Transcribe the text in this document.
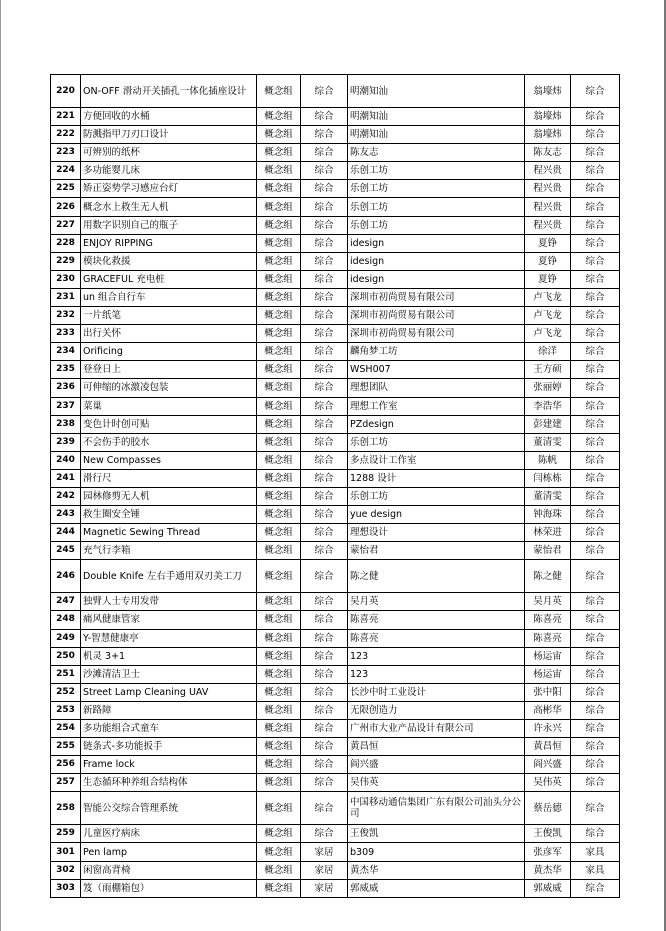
220	ON-OFF 滑动开关插孔一体化插座设计	概念组	综合	明潮知汕	翁壕炜	综合
221	方便回收的水桶	概念组	综合	明潮知汕	翁壕炜	综合
222	防溅指甲刀刃口设计	概念组	综合	明潮知汕	翁壕炜	综合
223	可辨别的纸杯	概念组	综合	陈友志	陈友志	综合
224	多功能婴儿床	概念组	综合	乐创工坊	程兴贵	综合
225	矫正姿势学习感应台灯	概念组	综合	乐创工坊	程兴贵	综合
226	概念水上救生无人机	概念组	综合	乐创工坊	程兴贵	综合
227	用数字识别自己的瓶子	概念组	综合	乐创工坊	程兴贵	综合
228	ENJOY RIPPING	概念组	综合	idesign	夏铮	综合
229	模块化救援	概念组	综合	idesign	夏铮	综合
230	GRACEFUL 充电桩	概念组	综合	idesign	夏铮	综合
231	un 组合自行车	概念组	综合	深圳市初尚贸易有限公司	卢飞龙	综合
232	一片纸笔	概念组	综合	深圳市初尚贸易有限公司	卢飞龙	综合
233	出行关怀	概念组	综合	深圳市初尚贸易有限公司	卢飞龙	综合
234	Orificing	概念组	综合	麟角梦工坊	徐洋	综合
235	登登日上	概念组	综合	WSH007	王方硕	综合
236	可伸缩的冰激凌包装	概念组	综合	理想团队	张丽婷	综合
237	菜巢	概念组	综合	理想工作室	李浩华	综合
238	变色计时创可贴	概念组	综合	PZdesign	彭建建	综合
239	不会伤手的胶水	概念组	综合	乐创工坊	董清雯	综合
240	New Compasses	概念组	综合	多点设计工作室	陈帆	综合
241	滑行尺	概念组	综合	1288 设计	闫栋栋	综合
242	园林修剪无人机	概念组	综合	乐创工坊	董清雯	综合
243	救生圈安全锤	概念组	综合	yue design	钟海珠	综合
244	Magnetic Sewing Thread	概念组	综合	理想设计	林荣进	综合
245	充气行李箱	概念组	综合	蒙怡君	蒙怡君	综合
246	Double Knife 左右手通用双刃美工刀	概念组	综合	陈之健	陈之健	综合
247	独臂人士专用发带	概念组	综合	吴月英	吴月英	综合
248	痛风健康管家	概念组	综合	陈喜亮	陈喜亮	综合
249	Y-智慧健康亭	概念组	综合	陈喜亮	陈喜亮	综合
250	机灵 3+1	概念组	综合	123	杨运宙	综合
251	沙滩清洁卫士	概念组	综合	123	杨运宙	综合
252	Street Lamp Cleaning UAV	概念组	综合	长沙中时工业设计	张中阳	综合
253	新路障	概念组	综合	无限创造力	高彬华	综合
254	多功能组合式童车	概念组	综合	广州市大业产品设计有限公司	许永兴	综合
255	链条式-多功能扳手	概念组	综合	黄昌恒	黄昌恒	综合
256	Frame lock	概念组	综合	阎兴盛	阎兴盛	综合
257	生态循环种养组合结构体	概念组	综合	吴伟英	吴伟英	综合
258	智能公交综合管理系统	概念组	综合	中国移动通信集团广东有限公司汕头分公司	蔡岳德	综合
259	儿童医疗病床	概念组	综合	王俊凯	王俊凯	综合
301	Pen lamp	概念组	家居	b309	张彦军	家具
302	闲窗高背椅	概念组	家居	黄杰华	黄杰华	家具
303	笈（雨棚箱包）	概念组	家居	郭威威	郭威威	综合
